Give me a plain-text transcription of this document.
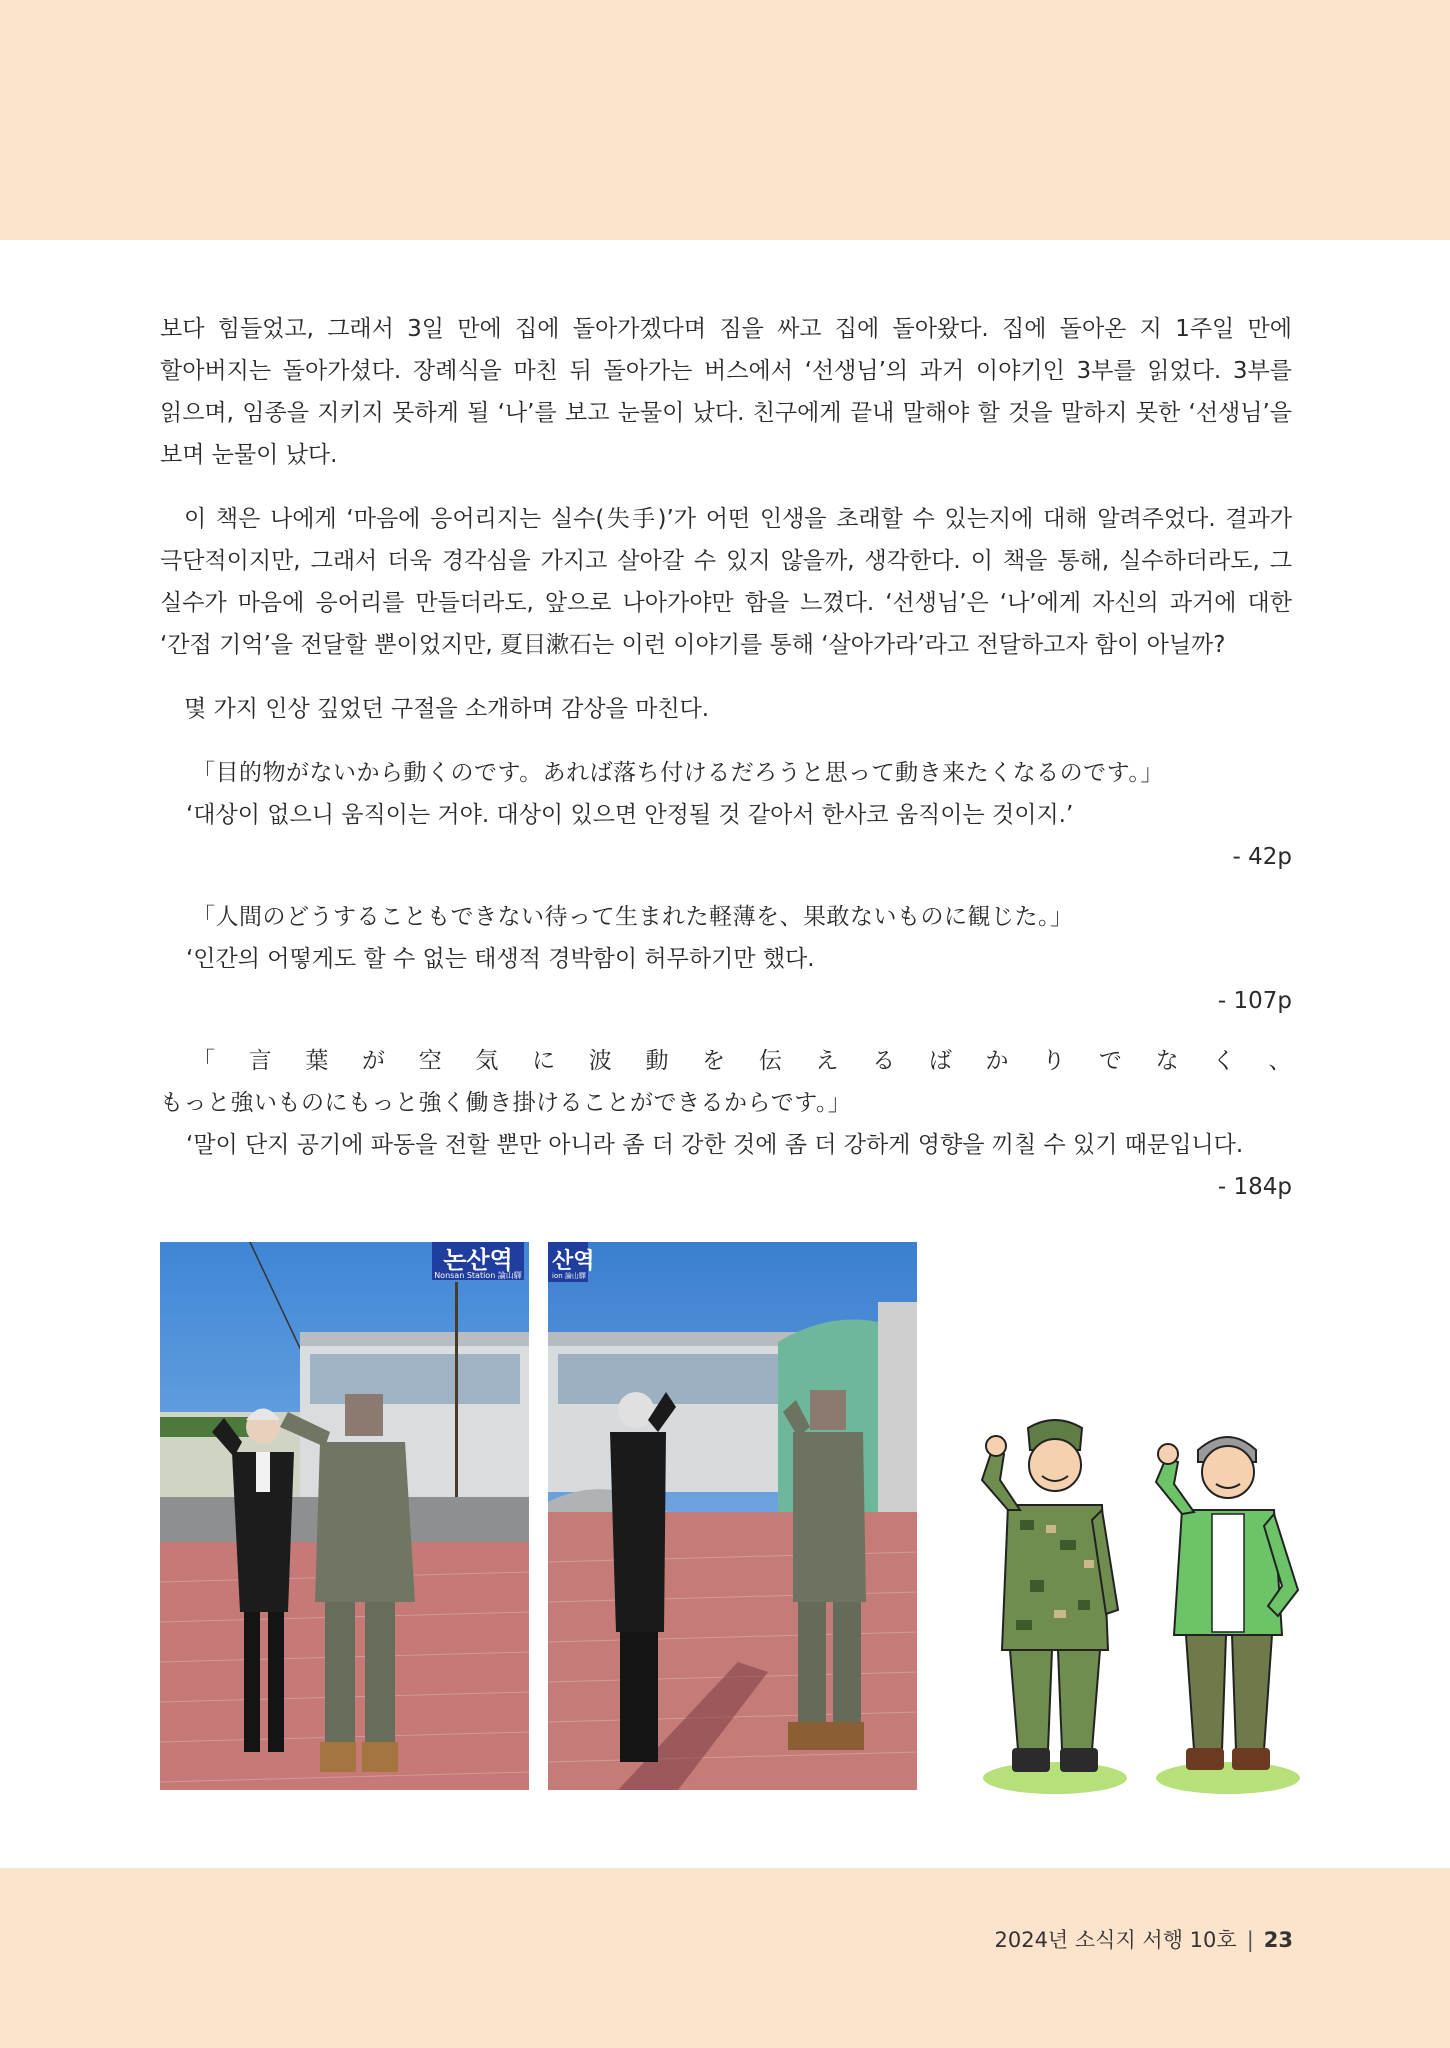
보다 힘들었고, 그래서 3일 만에 집에 돌아가겠다며 짐을 싸고 집에 돌아왔다. 집에 돌아온 지 1주일 만에 할아버지는 돌아가셨다. 장례식을 마친 뒤 돌아가는 버스에서 ‘선생님’의 과거 이야기인 3부를 읽었다. 3부를 읽으며, 임종을 지키지 못하게 될 ‘나’를 보고 눈물이 났다. 친구에게 끝내 말해야 할 것을 말하지 못한 ‘선생님’을 보며 눈물이 났다.

이 책은 나에게 ‘마음에 응어리지는 실수(失手)’가 어떤 인생을 초래할 수 있는지에 대해 알려주었다. 결과가 극단적이지만, 그래서 더욱 경각심을 가지고 살아갈 수 있지 않을까, 생각한다. 이 책을 통해, 실수하더라도, 그 실수가 마음에 응어리를 만들더라도, 앞으로 나아가야만 함을 느꼈다. ‘선생님’은 ‘나’에게 자신의 과거에 대한 ‘간접 기억’을 전달할 뿐이었지만, 夏目漱石는 이런 이야기를 통해 ‘살아가라’라고 전달하고자 함이 아닐까?

몇 가지 인상 깊었던 구절을 소개하며 감상을 마친다.

「目的物がないから動くのです。あれば落ち付けるだろうと思って動き来たくなるのです。」

‘대상이 없으니 움직이는 거야. 대상이 있으면 안정될 것 같아서 한사코 움직이는 것이지.’

- 42p

「人間のどうすることもできない待って生まれた軽薄を、果敢ないものに観じた。」

‘인간의 어떻게도 할 수 없는 태생적 경박함이 허무하기만 했다.

- 107p

「言葉が空気に波動を伝えるばかりでなく、もっと強いものにもっと強く働き掛けることができるからです。」

‘말이 단지 공기에 파동을 전할 뿐만 아니라 좀 더 강한 것에 좀 더 강하게 영향을 끼칠 수 있기 때문입니다.

- 184p

논산역
Nonsan Station 論山驛
산역
ion 論山驛
2024년 소식지 서행 10호 | 23
